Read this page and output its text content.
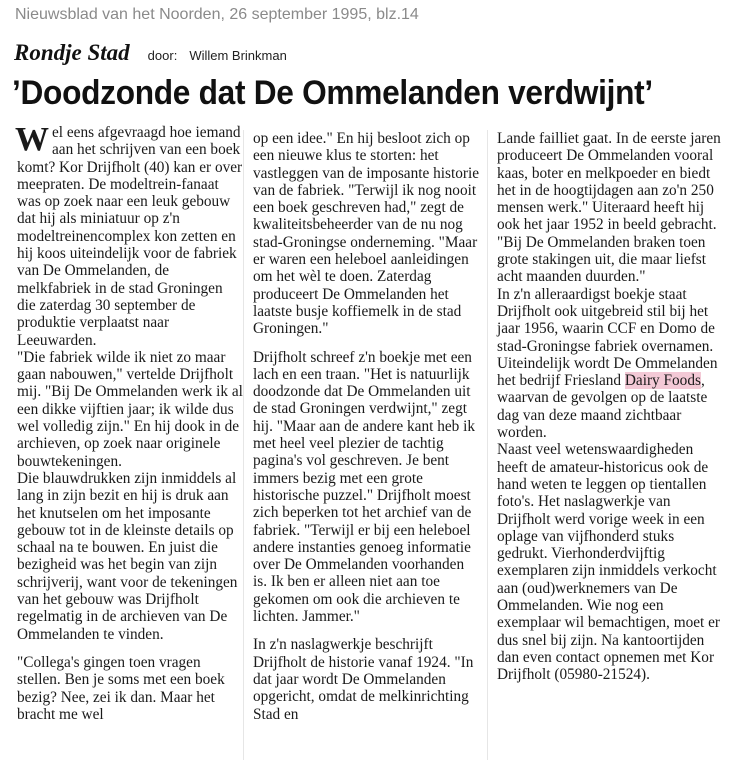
Nieuwsblad van het Noorden, 26 september 1995, blz.14
Rondje Stad door: Willem Brinkman
’Doodzonde dat De Ommelanden verdwijnt’

Wel eens afgevraagd hoe iemand aan het schrijven van een boek komt? Kor Drijfholt (40) kan er over meepraten. De modeltrein-fanaat was op zoek naar een leuk gebouw dat hij als miniatuur op z'n modeltreinencomplex kon zetten en hij koos uiteindelijk voor de fabriek van De Ommelanden, de melkfabriek in de stad Groningen die zaterdag 30 september de produktie verplaatst naar Leeuwarden.

"Die fabriek wilde ik niet zo maar gaan nabouwen," vertelde Drijfholt mij. "Bij De Ommelanden werk ik al een dikke vijftien jaar; ik wilde dus wel volledig zijn." En hij dook in de archieven, op zoek naar originele bouwtekeningen.

Die blauwdrukken zijn inmiddels al lang in zijn bezit en hij is druk aan het knutselen om het imposante gebouw tot in de kleinste details op schaal na te bouwen. En juist die bezigheid was het begin van zijn schrijverij, want voor de tekeningen van het gebouw was Drijfholt regelmatig in de archieven van De Ommelanden te vinden.

"Collega's gingen toen vragen stellen. Ben je soms met een boek bezig? Nee, zei ik dan. Maar het bracht me wel

op een idee." En hij besloot zich op een nieuwe klus te storten: het vastleggen van de imposante historie van de fabriek. "Terwijl ik nog nooit een boek geschreven had," zegt de kwaliteitsbeheerder van de nu nog stad-Groningse onderneming. "Maar er waren een heleboel aanleidingen om het wèl te doen. Zaterdag produceert De Ommelanden het laatste busje koffiemelk in de stad Groningen."

Drijfholt schreef z'n boekje met een lach en een traan. "Het is natuurlijk doodzonde dat De Ommelanden uit de stad Groningen verdwijnt," zegt hij. "Maar aan de andere kant heb ik met heel veel plezier de tachtig pagina's vol geschreven. Je bent immers bezig met een grote historische puzzel." Drijfholt moest zich beperken tot het archief van de fabriek. "Terwijl er bij een heleboel andere instanties genoeg informatie over De Ommelanden voorhanden is. Ik ben er alleen niet aan toe gekomen om ook die archieven te lichten. Jammer."

In z'n naslagwerkje beschrijft Drijfholt de historie vanaf 1924. "In dat jaar wordt De Ommelanden opgericht, omdat de melkinrichting Stad en

Lande failliet gaat. In de eerste jaren produceert De Ommelanden vooral kaas, boter en melkpoeder en biedt het in de hoogtijdagen aan zo'n 250 mensen werk." Uiteraard heeft hij ook het jaar 1952 in beeld gebracht. "Bij De Ommelanden braken toen grote stakingen uit, die maar liefst acht maanden duurden."

In z'n alleraardigst boekje staat Drijfholt ook uitgebreid stil bij het jaar 1956, waarin CCF en Domo de stad-Groningse fabriek overnamen. Uiteindelijk wordt De Ommelanden het bedrijf Friesland Dairy Foods, waarvan de gevolgen op de laatste dag van deze maand zichtbaar worden.

Naast veel wetenswaardigheden heeft de amateur-historicus ook de hand weten te leggen op tientallen foto's. Het naslagwerkje van Drijfholt werd vorige week in een oplage van vijfhonderd stuks gedrukt. Vierhonderdvijftig exemplaren zijn inmiddels verkocht aan (oud)werknemers van De Ommelanden. Wie nog een exemplaar wil bemachtigen, moet er dus snel bij zijn. Na kantoortijden dan even contact opnemen met Kor Drijfholt (05980-21524).
